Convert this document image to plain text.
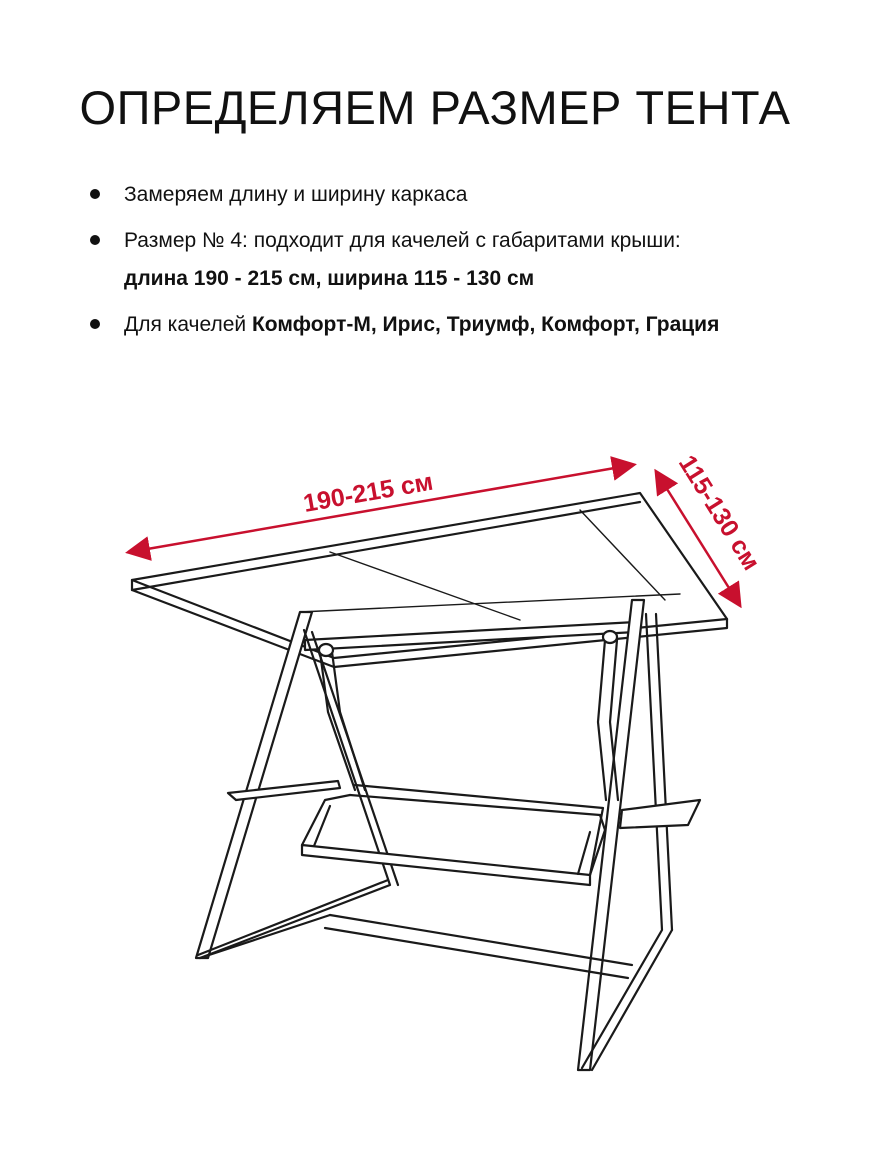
ОПРЕДЕЛЯЕМ РАЗМЕР ТЕНТА
Замеряем длину и ширину каркаса
Размер № 4: подходит для качелей с габаритами крыши:
длина 190 - 215 см, ширина 115 - 130 см
Для качелей Комфорт-М, Ирис, Триумф, Комфорт, Грация
190-215 см	115-130 см
